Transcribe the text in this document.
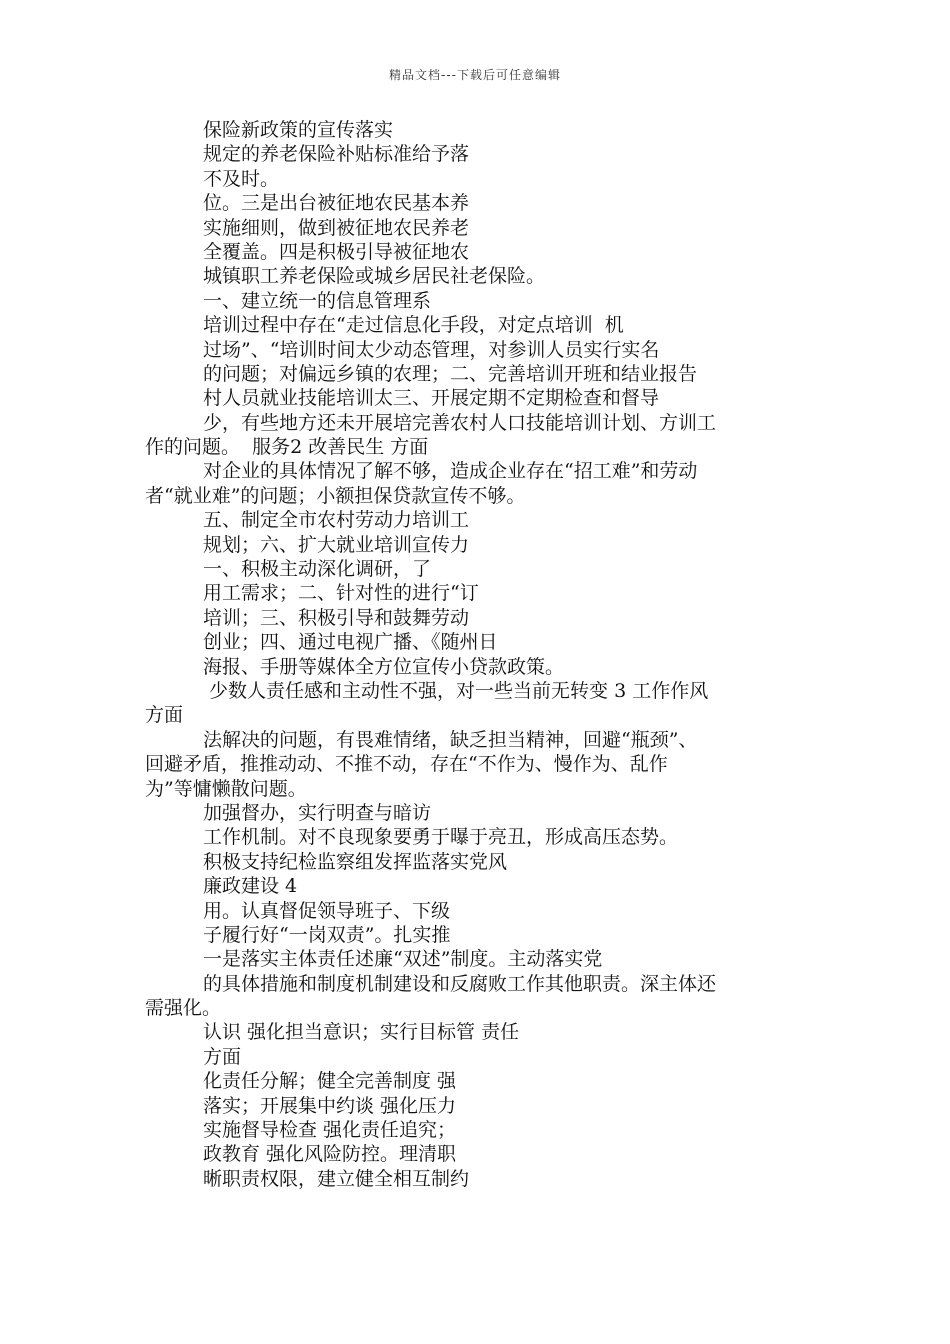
精品文档---下载后可任意编辑
保险新政策的宣传落实
规定的养老保险补贴标准给予落
不及时。
位。三是出台被征地农民基本养
实施细则，做到被征地农民养老
全覆盖。四是积极引导被征地农
城镇职工养老保险或城乡居民社老保险。
一、建立统一的信息管理系
培训过程中存在“走过信息化手段，对定点培训  机
过场”、“培训时间太少动态管理，对参训人员实行实名
的问题；对偏远乡镇的农理；二、完善培训开班和结业报告
村人员就业技能培训太三、开展定期不定期检查和督导
少，有些地方还未开展培完善农村人口技能培训计划、方训工
作的问题。  服务2 改善民生 方面
对企业的具体情况了解不够，造成企业存在“招工难”和劳动
者“就业难”的问题；小额担保贷款宣传不够。
五、制定全市农村劳动力培训工
规划；六、扩大就业培训宣传力
一、积极主动深化调研，了
用工需求；二、针对性的进行“订
培训；三、积极引导和鼓舞劳动
创业；四、通过电视广播、《随州日
海报、手册等媒体全方位宣传小贷款政策。
少数人责任感和主动性不强，对一些当前无转变 3 工作作风
方面
法解决的问题，有畏难情绪，缺乏担当精神，回避“瓶颈”、
回避矛盾，推推动动、不推不动，存在“不作为、慢作为、乱作
为”等慵懒散问题。
加强督办，实行明查与暗访
工作机制。对不良现象要勇于曝于亮丑，形成高压态势。
积极支持纪检监察组发挥监落实党风
廉政建设 4
用。认真督促领导班子、下级
子履行好“一岗双责”。扎实推
一是落实主体责任述廉“双述”制度。主动落实党
的具体措施和制度机制建设和反腐败工作其他职责。深主体还
需强化。
认识 强化担当意识；实行目标管 责任
方面
化责任分解；健全完善制度 强
落实；开展集中约谈 强化压力
实施督导检查 强化责任追究；
政教育 强化风险防控。理清职
晰职责权限，建立健全相互制约
